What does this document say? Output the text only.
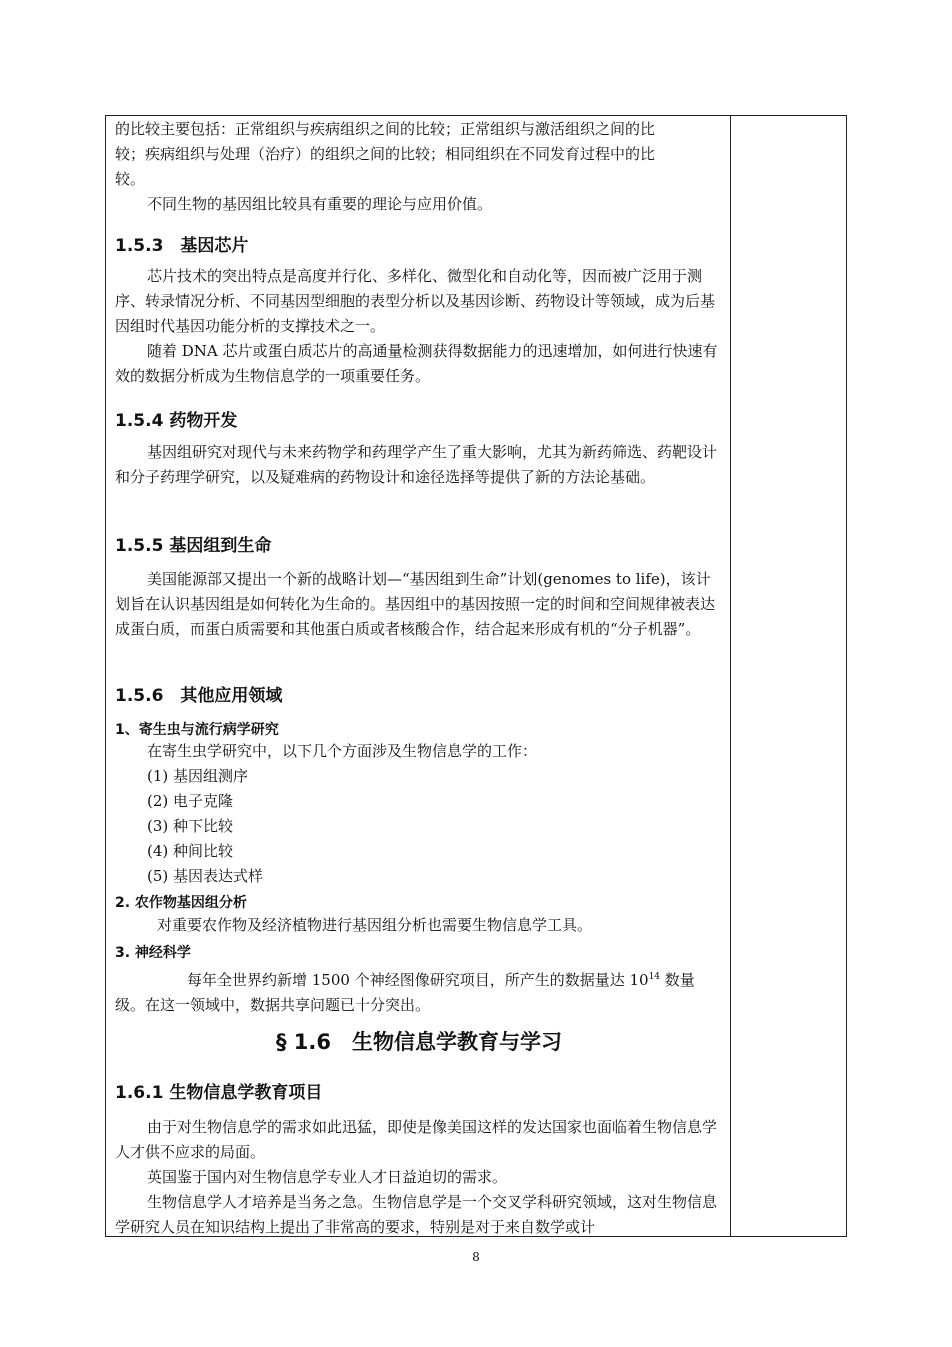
的比较主要包括：正常组织与疾病组织之间的比较；正常组织与激活组织之间的比

较；疾病组织与处理（治疗）的组织之间的比较；相同组织在不同发育过程中的比

较。

不同生物的基因组比较具有重要的理论与应用价值。

1.5.3　基因芯片

芯片技术的突出特点是高度并行化、多样化、微型化和自动化等，因而被广泛用于测序、转录情况分析、不同基因型细胞的表型分析以及基因诊断、药物设计等领域，成为后基因组时代基因功能分析的支撑技术之一。

随着 DNA 芯片或蛋白质芯片的高通量检测获得数据能力的迅速增加，如何进行快速有效的数据分析成为生物信息学的一项重要任务。

1.5.4 药物开发

基因组研究对现代与未来药物学和药理学产生了重大影响，尤其为新药筛选、药靶设计和分子药理学研究，以及疑难病的药物设计和途径选择等提供了新的方法论基础。

1.5.5 基因组到生命

美国能源部又提出一个新的战略计划—“基因组到生命”计划(genomes to life)，该计划旨在认识基因组是如何转化为生命的。基因组中的基因按照一定的时间和空间规律被表达成蛋白质，而蛋白质需要和其他蛋白质或者核酸合作，结合起来形成有机的“分子机器”。

1.5.6　其他应用领域
1、寄生虫与流行病学研究

在寄生虫学研究中，以下几个方面涉及生物信息学的工作：

(1) 基因组测序
(2) 电子克隆
(3) 种下比较
(4) 种间比较
(5) 基因表达式样
2. 农作物基因组分析

对重要农作物及经济植物进行基因组分析也需要生物信息学工具。

3. 神经科学

每年全世界约新增 1500 个神经图像研究项目，所产生的数据量达 $10^{14}$ 数量级。在这一领域中，数据共享问题已十分突出。

§ 1.6　生物信息学教育与学习
1.6.1 生物信息学教育项目

由于对生物信息学的需求如此迅猛，即使是像美国这样的发达国家也面临着生物信息学人才供不应求的局面。

英国鉴于国内对生物信息学专业人才日益迫切的需求。

生物信息学人才培养是当务之急。生物信息学是一个交叉学科研究领域，这对生物信息学研究人员在知识结构上提出了非常高的要求，特别是对于来自数学或计

8
